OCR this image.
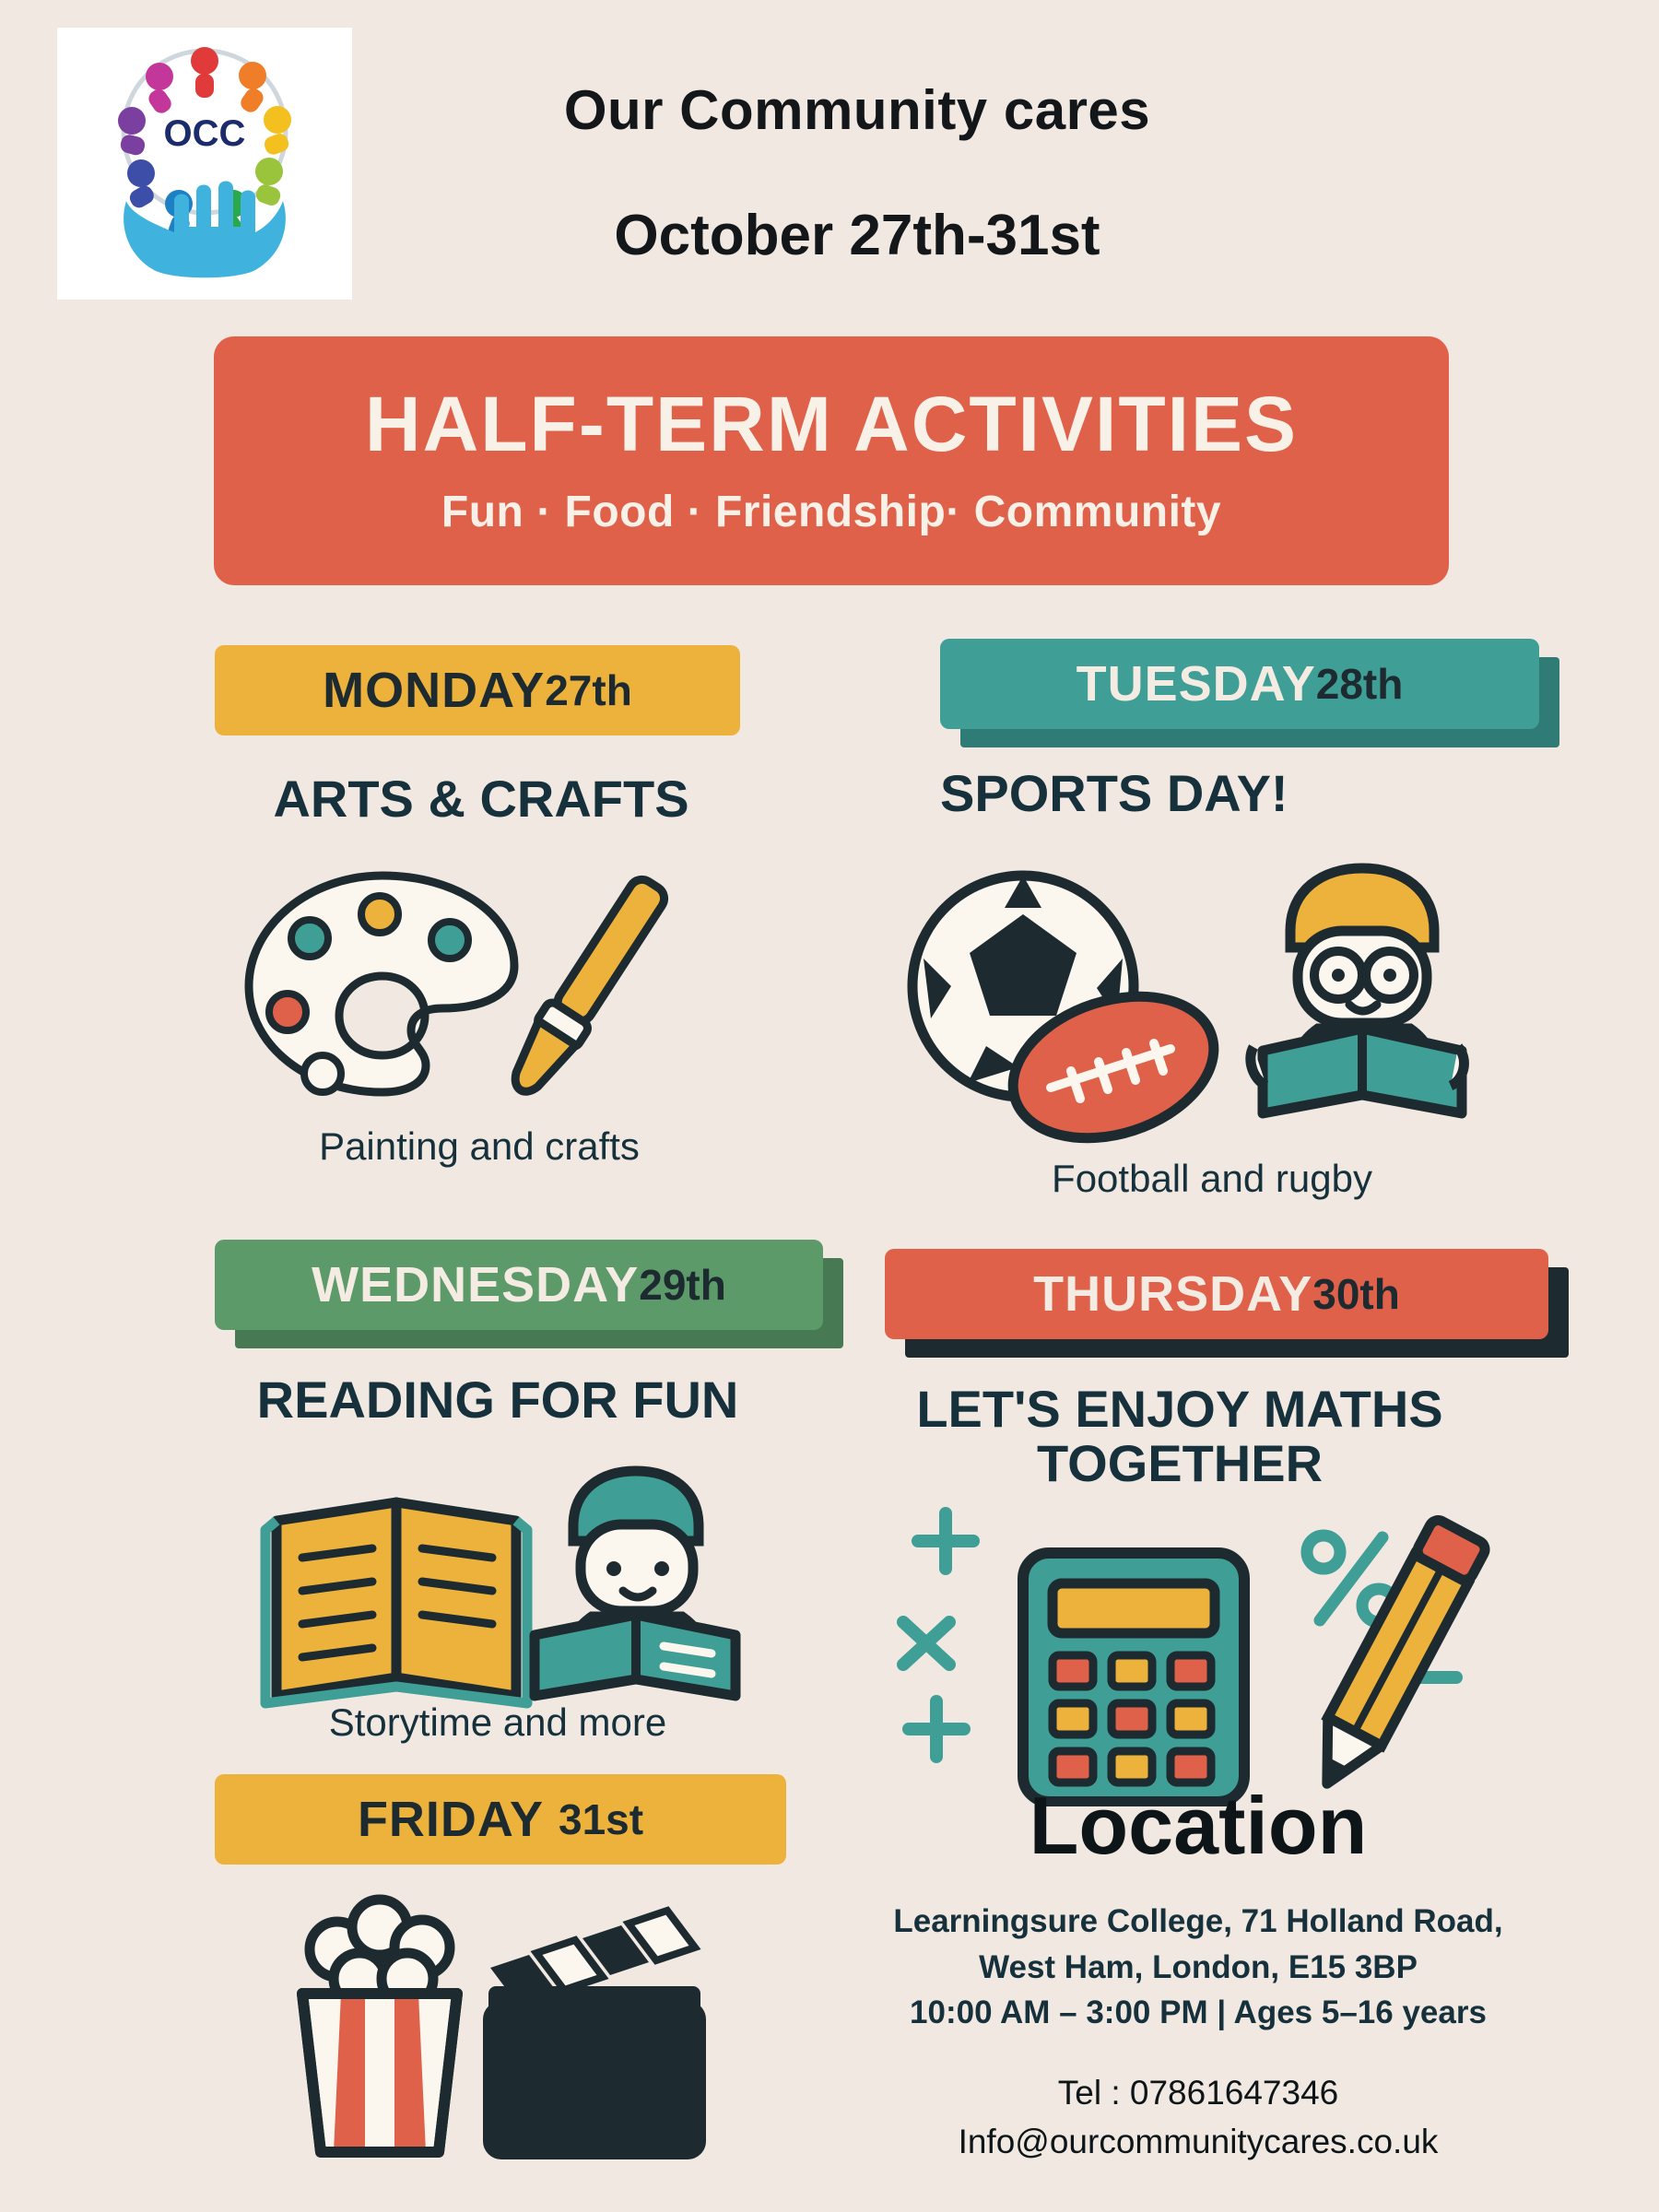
OCC	Our Community cares
October 27th-31st
HALF-TERM ACTIVITIES
Fun · Food · Friendship· Community
MONDAY 27th
ARTS & CRAFTS
Painting and crafts
TUESDAY 28th
SPORTS DAY!
Football and rugby
WEDNESDAY 29th
READING FOR FUN
Storytime and more
THURSDAY 30th
LET'S ENJOY MATHS TOGETHER
FRIDAY 31st	Location
Learningsure College, 71 Holland Road,
West Ham, London, E15 3BP
10:00 AM – 3:00 PM | Ages 5–16 years
Tel : 07861647346
Info@ourcommunitycares.co.uk
